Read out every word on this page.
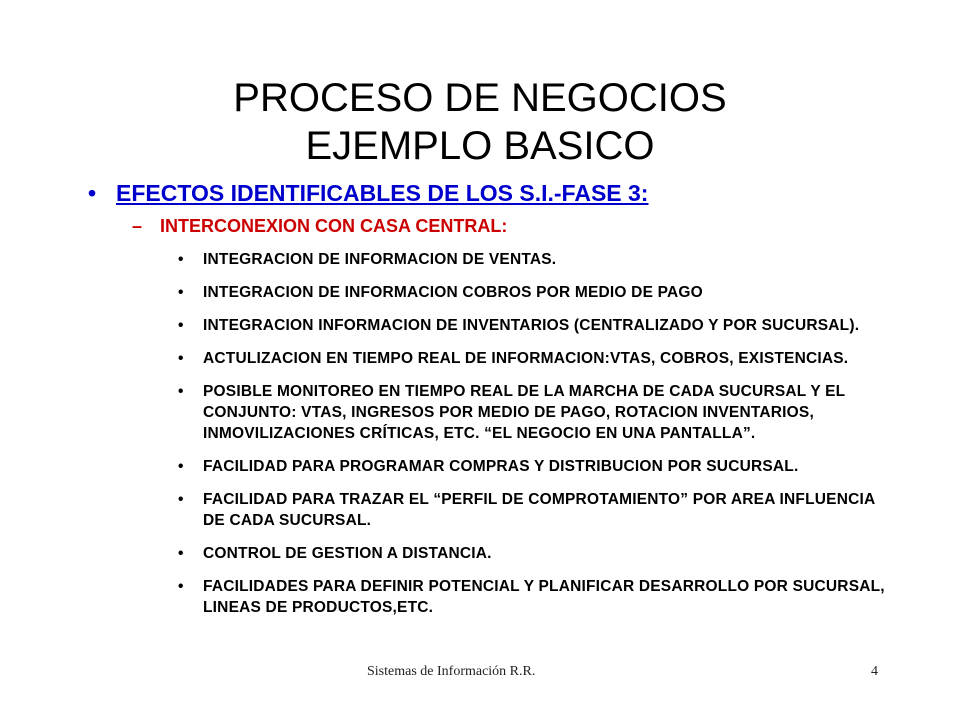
PROCESO DE NEGOCIOS
EJEMPLO BASICO
• EFECTOS IDENTIFICABLES DE LOS S.I.-FASE 3:
– INTERCONEXION CON CASA CENTRAL:
• INTEGRACION DE INFORMACION DE VENTAS.
• INTEGRACION DE INFORMACION COBROS POR MEDIO DE PAGO
• INTEGRACION INFORMACION DE INVENTARIOS (CENTRALIZADO Y POR SUCURSAL).
• ACTULIZACION EN TIEMPO REAL DE INFORMACION:VTAS, COBROS, EXISTENCIAS.
• POSIBLE MONITOREO EN TIEMPO REAL DE LA MARCHA DE CADA SUCURSAL Y EL CONJUNTO: VTAS, INGRESOS POR MEDIO DE PAGO, ROTACION INVENTARIOS, INMOVILIZACIONES CRÍTICAS, ETC. “EL NEGOCIO EN UNA PANTALLA”.
• FACILIDAD PARA PROGRAMAR COMPRAS Y DISTRIBUCION POR SUCURSAL.
• FACILIDAD PARA TRAZAR EL “PERFIL DE COMPROTAMIENTO” POR AREA INFLUENCIA DE CADA SUCURSAL.
• CONTROL DE GESTION A DISTANCIA.
• FACILIDADES PARA DEFINIR POTENCIAL Y PLANIFICAR DESARROLLO POR SUCURSAL, LINEAS DE PRODUCTOS,ETC.
Sistemas de Información R.R.	4
